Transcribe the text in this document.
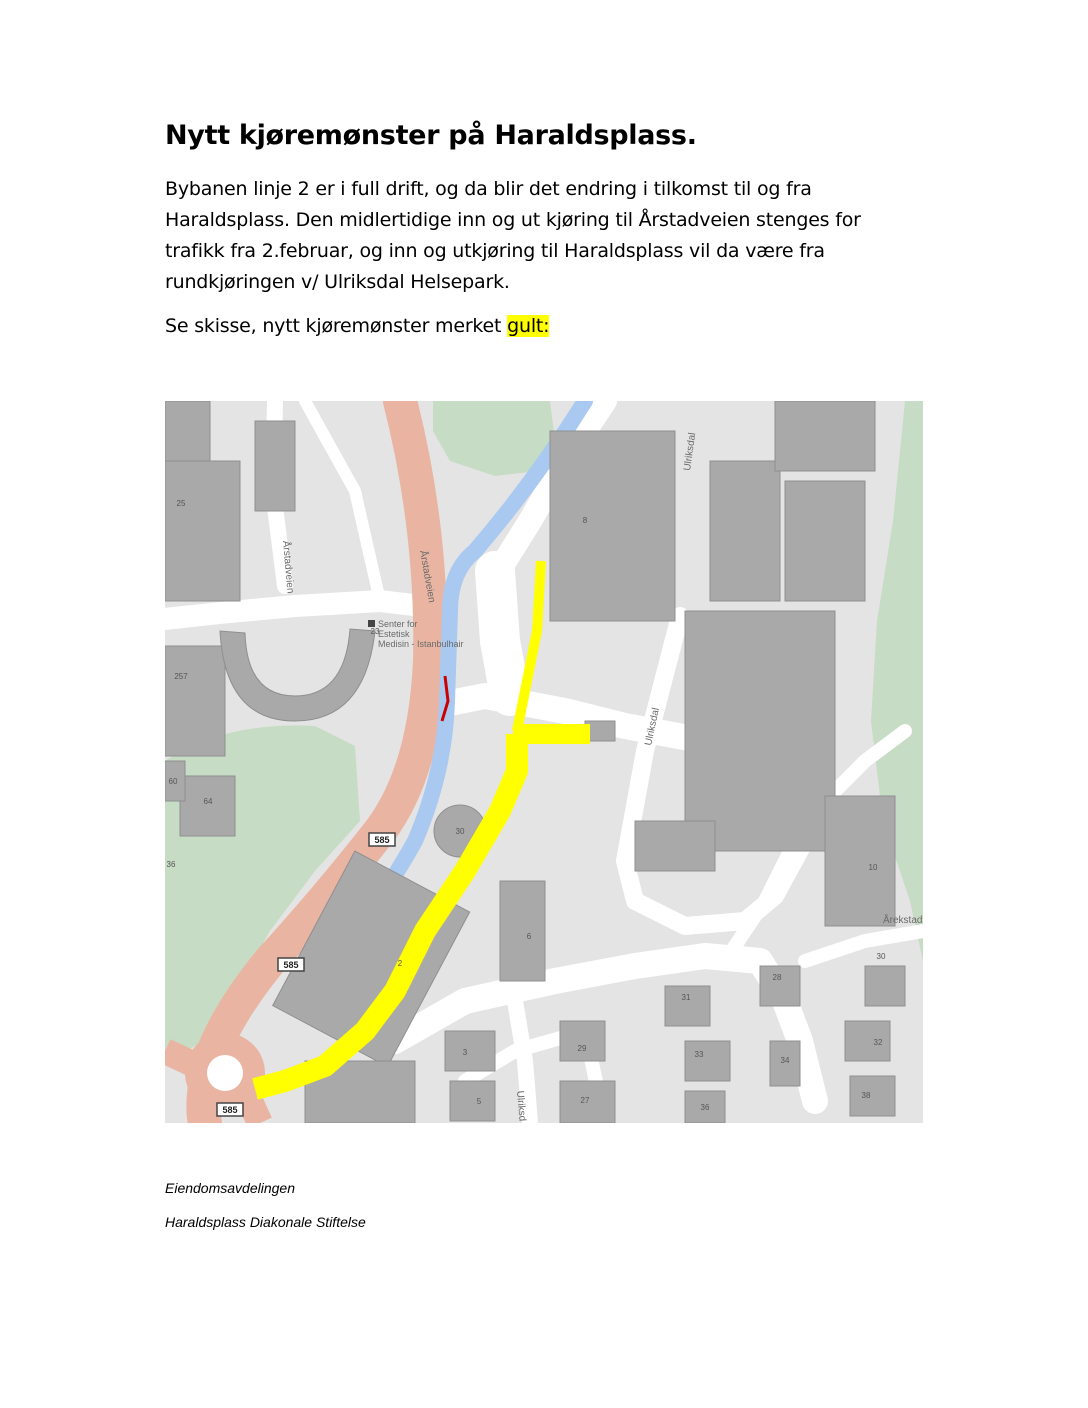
Nytt kjøremønster på Haraldsplass.

Bybanen linje 2 er i full drift, og da blir det endring i tilkomst til og fra Haraldsplass. Den midlertidige inn og ut kjøring til Årstadveien stenges for trafikk fra 2.februar, og inn og utkjøring til Haraldsplass vil da være fra rundkjøringen v/ Ulriksdal Helsepark.

Se skisse, nytt kjøremønster merket gult:

585
585
585
Årstadveien
Årstadveien
Ulriksdal
Ulriksdal
Ulriksd
Årekstad
Senter for
Estetisk
Medisin - Istanbulhair
25
23
257
60
64
36
30
2
6
8
10
31
28
30
29
33
3
32
34
5	27
36
38

Eiendomsavdelingen

Haraldsplass Diakonale Stiftelse
